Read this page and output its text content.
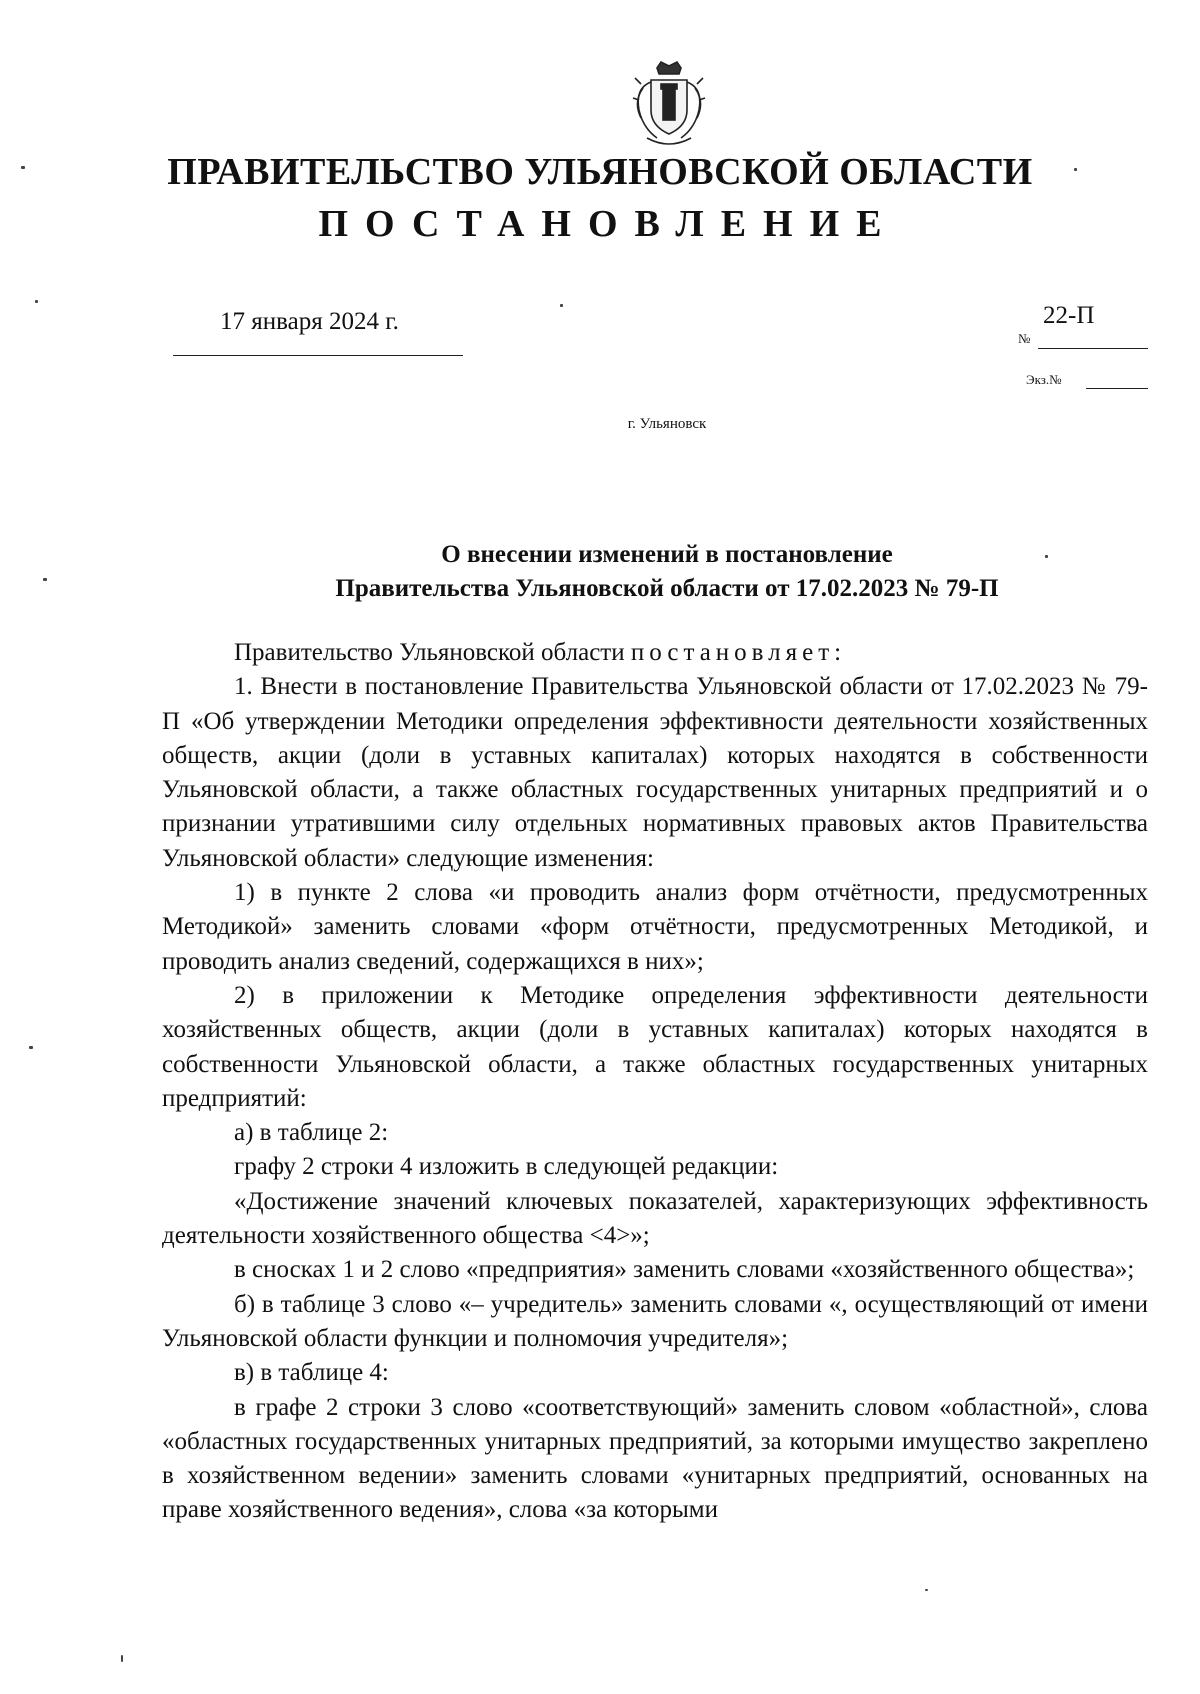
ПРАВИТЕЛЬСТВО УЛЬЯНОВСКОЙ ОБЛАСТИ
ПОСТАНОВЛЕНИЕ
17 января 2024 г.	22-П
№
Экз.№
г. Ульяновск
О внесении изменений в постановление
Правительства Ульяновской области от 17.02.2023 № 79-П

Правительство Ульяновской области постановляет:

1. Внести в постановление Правительства Ульяновской области от 17.02.2023 № 79-П «Об утверждении Методики определения эффективности деятельности хозяйственных обществ, акции (доли в уставных капиталах) которых находятся в собственности Ульяновской области, а также областных государственных унитарных предприятий и о признании утратившими силу отдельных нормативных правовых актов Правительства Ульяновской области» следующие изменения:

1) в пункте 2 слова «и проводить анализ форм отчётности, предусмотренных Методикой» заменить словами «форм отчётности, предусмотренных Методикой, и проводить анализ сведений, содержащихся в них»;

2) в приложении к Методике определения эффективности деятельности хозяйственных обществ, акции (доли в уставных капиталах) которых находятся в собственности Ульяновской области, а также областных государственных унитарных предприятий:

а) в таблице 2:

графу 2 строки 4 изложить в следующей редакции:

«Достижение значений ключевых показателей, характеризующих эффективность деятельности хозяйственного общества <4>»;

в сносках 1 и 2 слово «предприятия» заменить словами «хозяйственного общества»;

б) в таблице 3 слово «– учредитель» заменить словами «, осуществляющий от имени Ульяновской области функции и полномочия учредителя»;

в) в таблице 4:

в графе 2 строки 3 слово «соответствующий» заменить словом «областной», слова «областных государственных унитарных предприятий, за которыми имущество закреплено в хозяйственном ведении» заменить словами «унитарных предприятий, основанных на праве хозяйственного ведения», слова «за которыми
